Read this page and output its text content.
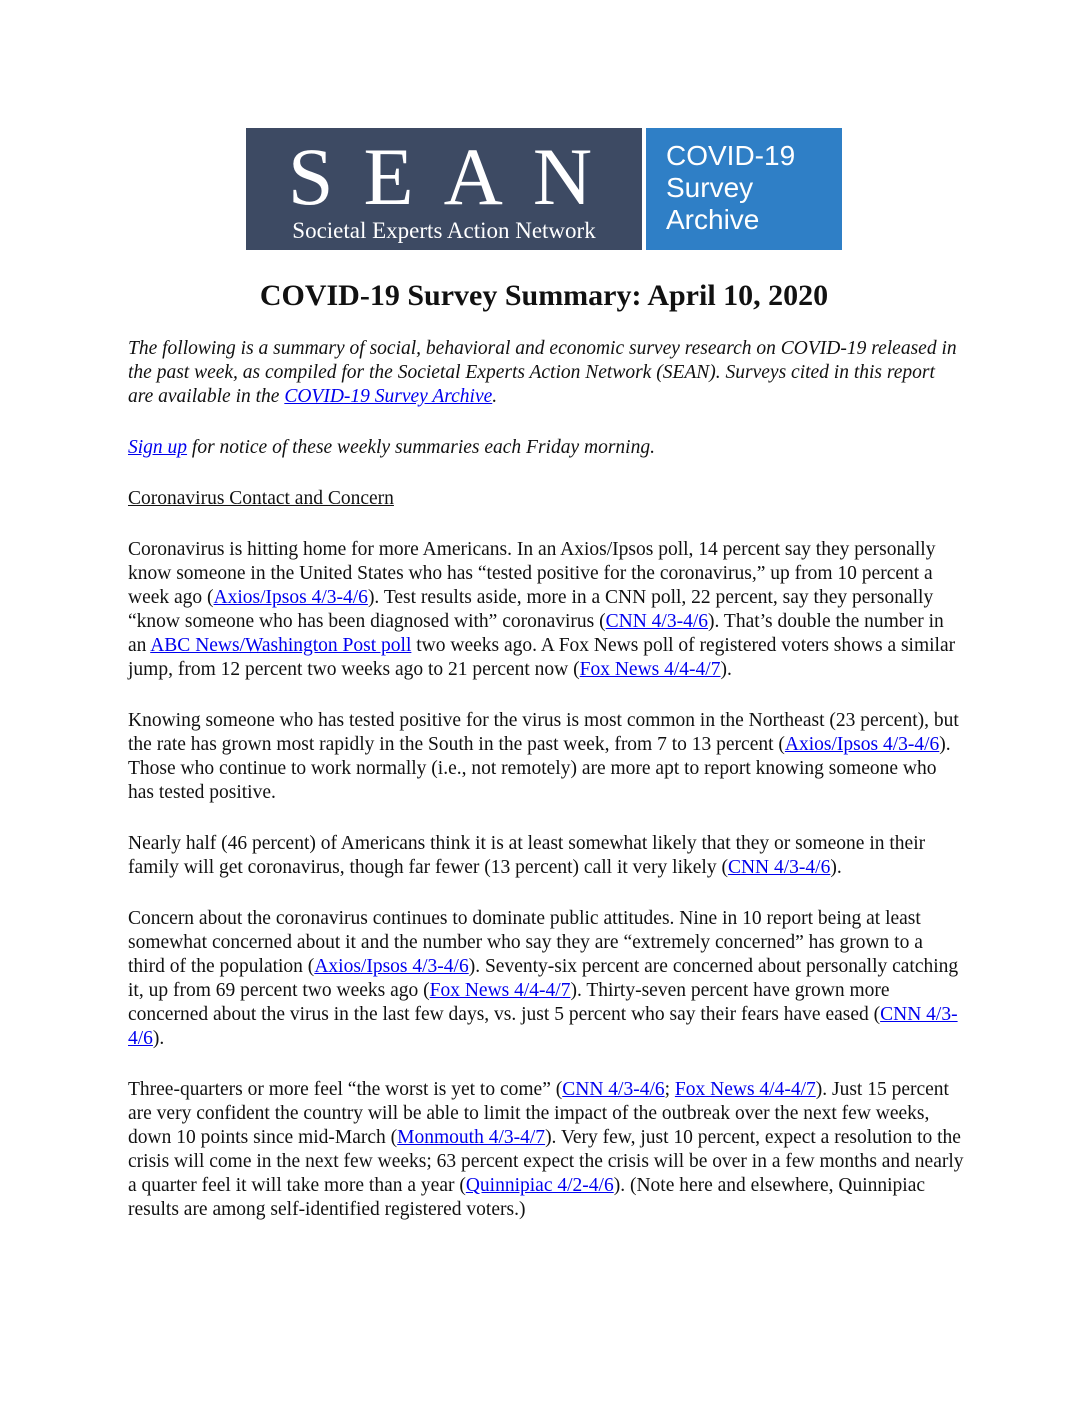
SEAN
Societal Experts Action Network
COVID-19
Survey
Archive
COVID-19 Survey Summary: April 10, 2020

The following is a summary of social, behavioral and economic survey research on COVID-19 released in the past week, as compiled for the Societal Experts Action Network (SEAN). Surveys cited in this report are available in the COVID-19 Survey Archive.

Sign up for notice of these weekly summaries each Friday morning.

Coronavirus Contact and Concern

Coronavirus is hitting home for more Americans. In an Axios/Ipsos poll, 14 percent say they personally know someone in the United States who has “tested positive for the coronavirus,” up from 10 percent a week ago (Axios/Ipsos 4/3-4/6). Test results aside, more in a CNN poll, 22 percent, say they personally “know someone who has been diagnosed with” coronavirus (CNN 4/3-4/6). That’s double the number in an ABC News/Washington Post poll two weeks ago. A Fox News poll of registered voters shows a similar jump, from 12 percent two weeks ago to 21 percent now (Fox News 4/4-4/7).

Knowing someone who has tested positive for the virus is most common in the Northeast (23 percent), but the rate has grown most rapidly in the South in the past week, from 7 to 13 percent (Axios/Ipsos 4/3-4/6). Those who continue to work normally (i.e., not remotely) are more apt to report knowing someone who has tested positive.

Nearly half (46 percent) of Americans think it is at least somewhat likely that they or someone in their family will get coronavirus, though far fewer (13 percent) call it very likely (CNN 4/3-4/6).

Concern about the coronavirus continues to dominate public attitudes. Nine in 10 report being at least somewhat concerned about it and the number who say they are “extremely concerned” has grown to a third of the population (Axios/Ipsos 4/3-4/6). Seventy-six percent are concerned about personally catching it, up from 69 percent two weeks ago (Fox News 4/4-4/7). Thirty-seven percent have grown more concerned about the virus in the last few days, vs. just 5 percent who say their fears have eased (CNN 4/3-4/6).

Three-quarters or more feel “the worst is yet to come” (CNN 4/3-4/6; Fox News 4/4-4/7). Just 15 percent are very confident the country will be able to limit the impact of the outbreak over the next few weeks, down 10 points since mid-March (Monmouth 4/3-4/7). Very few, just 10 percent, expect a resolution to the crisis will come in the next few weeks; 63 percent expect the crisis will be over in a few months and nearly a quarter feel it will take more than a year (Quinnipiac 4/2-4/6). (Note here and elsewhere, Quinnipiac results are among self-identified registered voters.)
